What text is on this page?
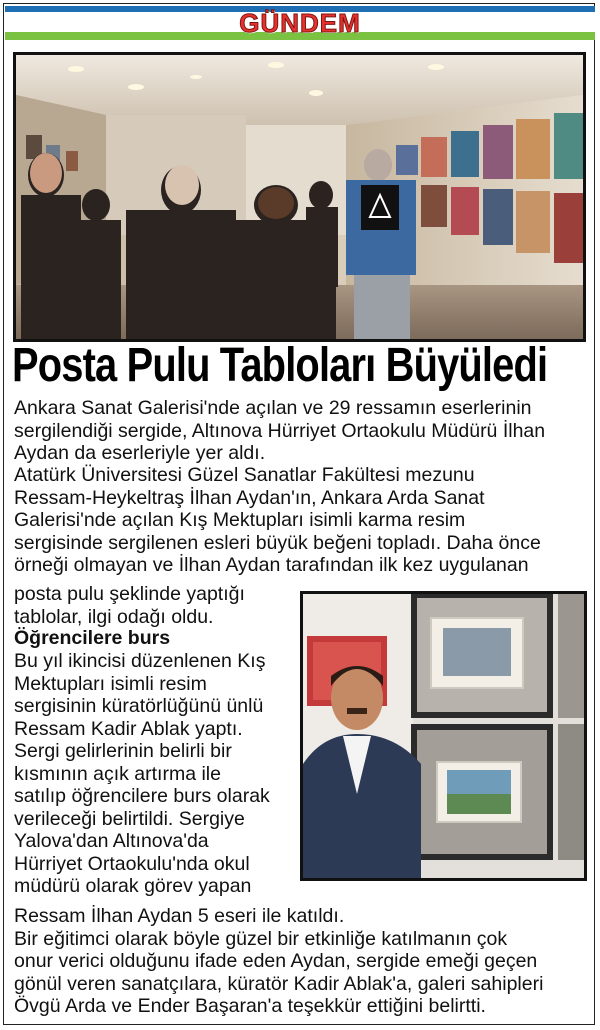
GÜNDEM
Posta Pulu Tabloları Büyüledi
Ankara Sanat Galerisi'nde açılan ve 29 ressamın eserlerinin
sergilendiği sergide, Altınova Hürriyet Ortaokulu Müdürü İlhan
Aydan da eserleriyle yer aldı.
Atatürk Üniversitesi Güzel Sanatlar Fakültesi mezunu
Ressam-Heykeltraş İlhan Aydan'ın, Ankara Arda Sanat
Galerisi'nde açılan Kış Mektupları isimli karma resim
sergisinde sergilenen esleri büyük beğeni topladı. Daha önce
örneği olmayan ve İlhan Aydan tarafından ilk kez uygulanan
posta pulu şeklinde yaptığı
tablolar, ilgi odağı oldu.
Öğrencilere burs
Bu yıl ikincisi düzenlenen Kış
Mektupları isimli resim
sergisinin küratörlüğünü ünlü
Ressam Kadir Ablak yaptı.
Sergi gelirlerinin belirli bir
kısmının açık artırma ile
satılıp öğrencilere burs olarak
verileceği belirtildi. Sergiye
Yalova'dan Altınova'da
Hürriyet Ortaokulu'nda okul
müdürü olarak görev yapan
Ressam İlhan Aydan 5 eseri ile katıldı.
Bir eğitimci olarak böyle güzel bir etkinliğe katılmanın çok
onur verici olduğunu ifade eden Aydan, sergide emeği geçen
gönül veren sanatçılara, küratör Kadir Ablak'a, galeri sahipleri
Övgü Arda ve Ender Başaran'a teşekkür ettiğini belirtti.
